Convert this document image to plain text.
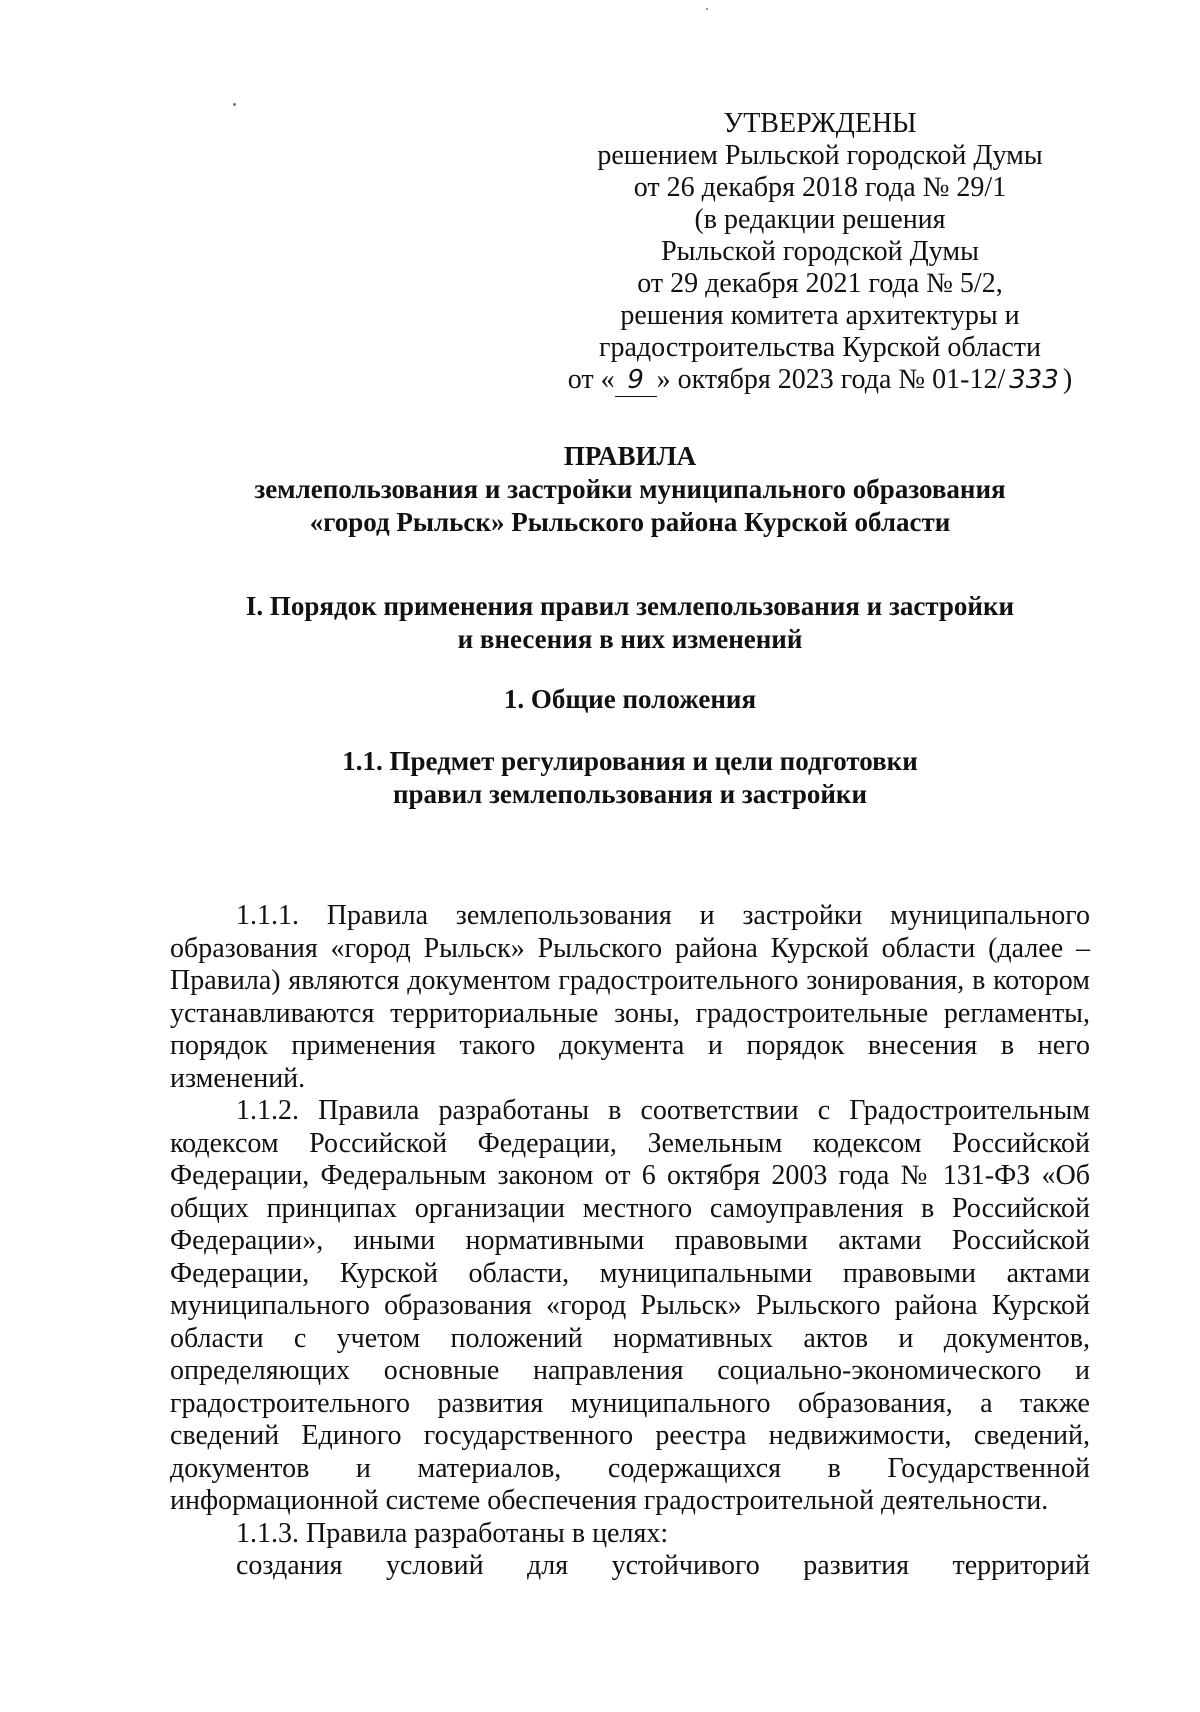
УТВЕРЖДЕНЫ
решением Рыльской городской Думы
от 26 декабря 2018 года № 29/1
(в редакции решения
Рыльской городской Думы
от 29 декабря 2021 года № 5/2,
решения комитета архитектуры и
градостроительства Курской области
от « 9 » октября 2023 года № 01-12/ 333 )
ПРАВИЛА
землепользования и застройки муниципального образования
«город Рыльск» Рыльского района Курской области
I. Порядок применения правил землепользования и застройки
и внесения в них изменений
1. Общие положения
1.1. Предмет регулирования и цели подготовки
правил землепользования и застройки

1.1.1. Правила землепользования и застройки муниципального образования «город Рыльск» Рыльского района Курской области (далее – Правила) являются документом градостроительного зонирования, в котором устанавливаются территориальные зоны, градостроительные регламенты, порядок применения такого документа и порядок внесения в него изменений.

1.1.2. Правила разработаны в соответствии с Градостроительным кодексом Российской Федерации, Земельным кодексом Российской Федерации, Федеральным законом от 6 октября 2003 года № 131-ФЗ «Об общих принципах организации местного самоуправления в Российской Федерации», иными нормативными правовыми актами Российской Федерации, Курской области, муниципальными правовыми актами муниципального образования «город Рыльск» Рыльского района Курской области с учетом положений нормативных актов и документов, определяющих основные направления социально-экономического и градостроительного развития муниципального образования, а также сведений Единого государственного реестра недвижимости, сведений, документов и материалов, содержащихся в Государственной информационной системе обеспечения градостроительной деятельности.

1.1.3. Правила разработаны в целях:

создания условий для устойчивого развития территорий
